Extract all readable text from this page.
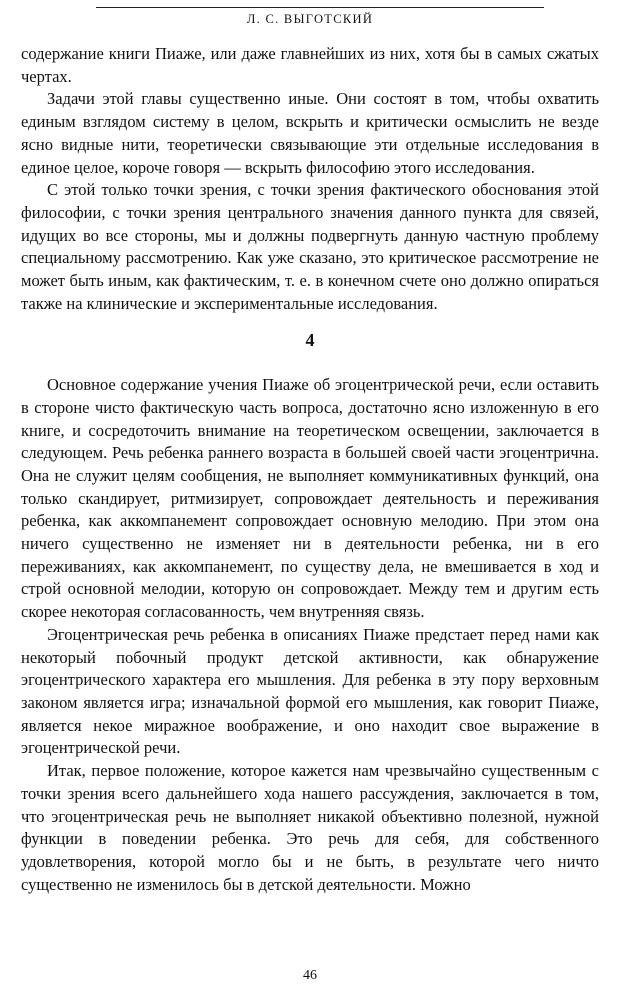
Л. С. ВЫГОТСКИЙ

содержание книги Пиаже, или даже главнейших из них, хотя бы в самых сжатых чертах.

Задачи этой главы существенно иные. Они состоят в том, чтобы охватить единым взглядом систему в целом, вскрыть и критически осмыслить не везде ясно видные нити, теоретически связывающие эти отдельные исследования в единое целое, короче говоря — вскрыть философию этого исследования.

С этой только точки зрения, с точки зрения фактического обоснования этой философии, с точки зрения центрального значения данного пункта для связей, идущих во все стороны, мы и должны подвергнуть данную частную проблему специальному рассмотрению. Как уже сказано, это критическое рассмотрение не может быть иным, как фактическим, т. е. в конечном счете оно должно опираться также на клинические и экспериментальные исследования.

4

Основное содержание учения Пиаже об эгоцентрической речи, если оставить в стороне чисто фактическую часть вопроса, достаточно ясно изложенную в его книге, и сосредоточить внимание на теоретическом освещении, заключается в следующем. Речь ребенка раннего возраста в большей своей части эгоцентрична. Она не служит целям сообщения, не выполняет коммуникативных функций, она только скандирует, ритмизирует, сопровождает деятельность и переживания ребенка, как аккомпанемент сопровождает основную мелодию. При этом она ничего существенно не изменяет ни в деятельности ребенка, ни в его переживаниях, как аккомпанемент, по существу дела, не вмешивается в ход и строй основной мелодии, которую он сопровождает. Между тем и другим есть скорее некоторая согласованность, чем внутренняя связь.

Эгоцентрическая речь ребенка в описаниях Пиаже предстает перед нами как некоторый побочный продукт детской активности, как обнаружение эгоцентрического характера его мышления. Для ребенка в эту пору верховным законом является игра; изначальной формой его мышления, как говорит Пиаже, является некое миражное воображение, и оно находит свое выражение в эгоцентрической речи.

Итак, первое положение, которое кажется нам чрезвычайно существенным с точки зрения всего дальнейшего хода нашего рассуждения, заключается в том, что эгоцентрическая речь не выполняет никакой объективно полезной, нужной функции в поведении ребенка. Это речь для себя, для собственного удовлетворения, которой могло бы и не быть, в результате чего ничто существенно не изменилось бы в детской деятельности. Можно

46
